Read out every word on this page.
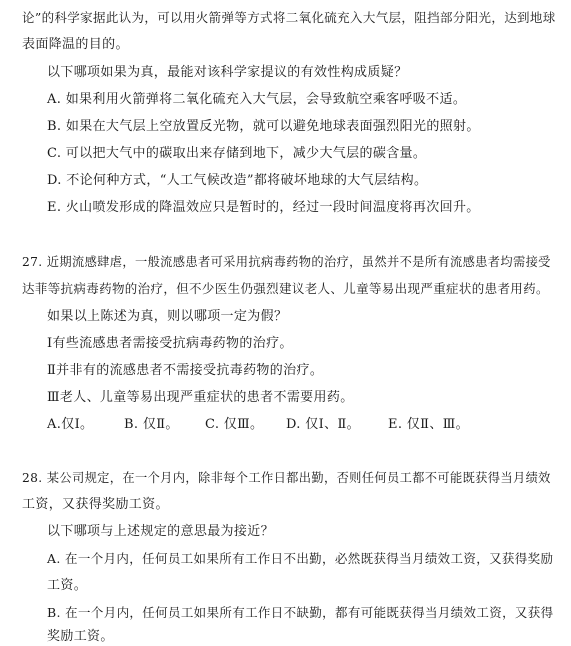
论”的科学家据此认为，可以用火箭弹等方式将二氧化硫充入大气层，阻挡部分阳光，达到地球
表面降温的目的。
以下哪项如果为真，最能对该科学家提议的有效性构成质疑？
A. 如果利用火箭弹将二氧化硫充入大气层，会导致航空乘客呼吸不适。
B. 如果在大气层上空放置反光物，就可以避免地球表面强烈阳光的照射。
C. 可以把大气中的碳取出来存储到地下，减少大气层的碳含量。
D. 不论何种方式，“人工气候改造”都将破坏地球的大气层结构。
E. 火山喷发形成的降温效应只是暂时的，经过一段时间温度将再次回升。
27. 近期流感肆虐，一般流感患者可采用抗病毒药物的治疗，虽然并不是所有流感患者均需接受
达菲等抗病毒药物的治疗，但不少医生仍强烈建议老人、儿童等易出现严重症状的患者用药。
如果以上陈述为真，则以哪项一定为假？
Ⅰ有些流感患者需接受抗病毒药物的治疗。
Ⅱ并非有的流感患者不需接受抗毒药物的治疗。
Ⅲ老人、儿童等易出现严重症状的患者不需要用药。
A.仅Ⅰ。 B. 仅Ⅱ。 C. 仅Ⅲ。 D. 仅Ⅰ、Ⅱ。 E. 仅Ⅱ、Ⅲ。
28. 某公司规定，在一个月内，除非每个工作日都出勤，否则任何员工都不可能既获得当月绩效
工资，又获得奖励工资。
以下哪项与上述规定的意思最为接近？
A. 在一个月内，任何员工如果所有工作日不出勤，必然既获得当月绩效工资，又获得奖励
工资。
B. 在一个月内，任何员工如果所有工作日不缺勤，都有可能既获得当月绩效工资，又获得
奖励工资。
